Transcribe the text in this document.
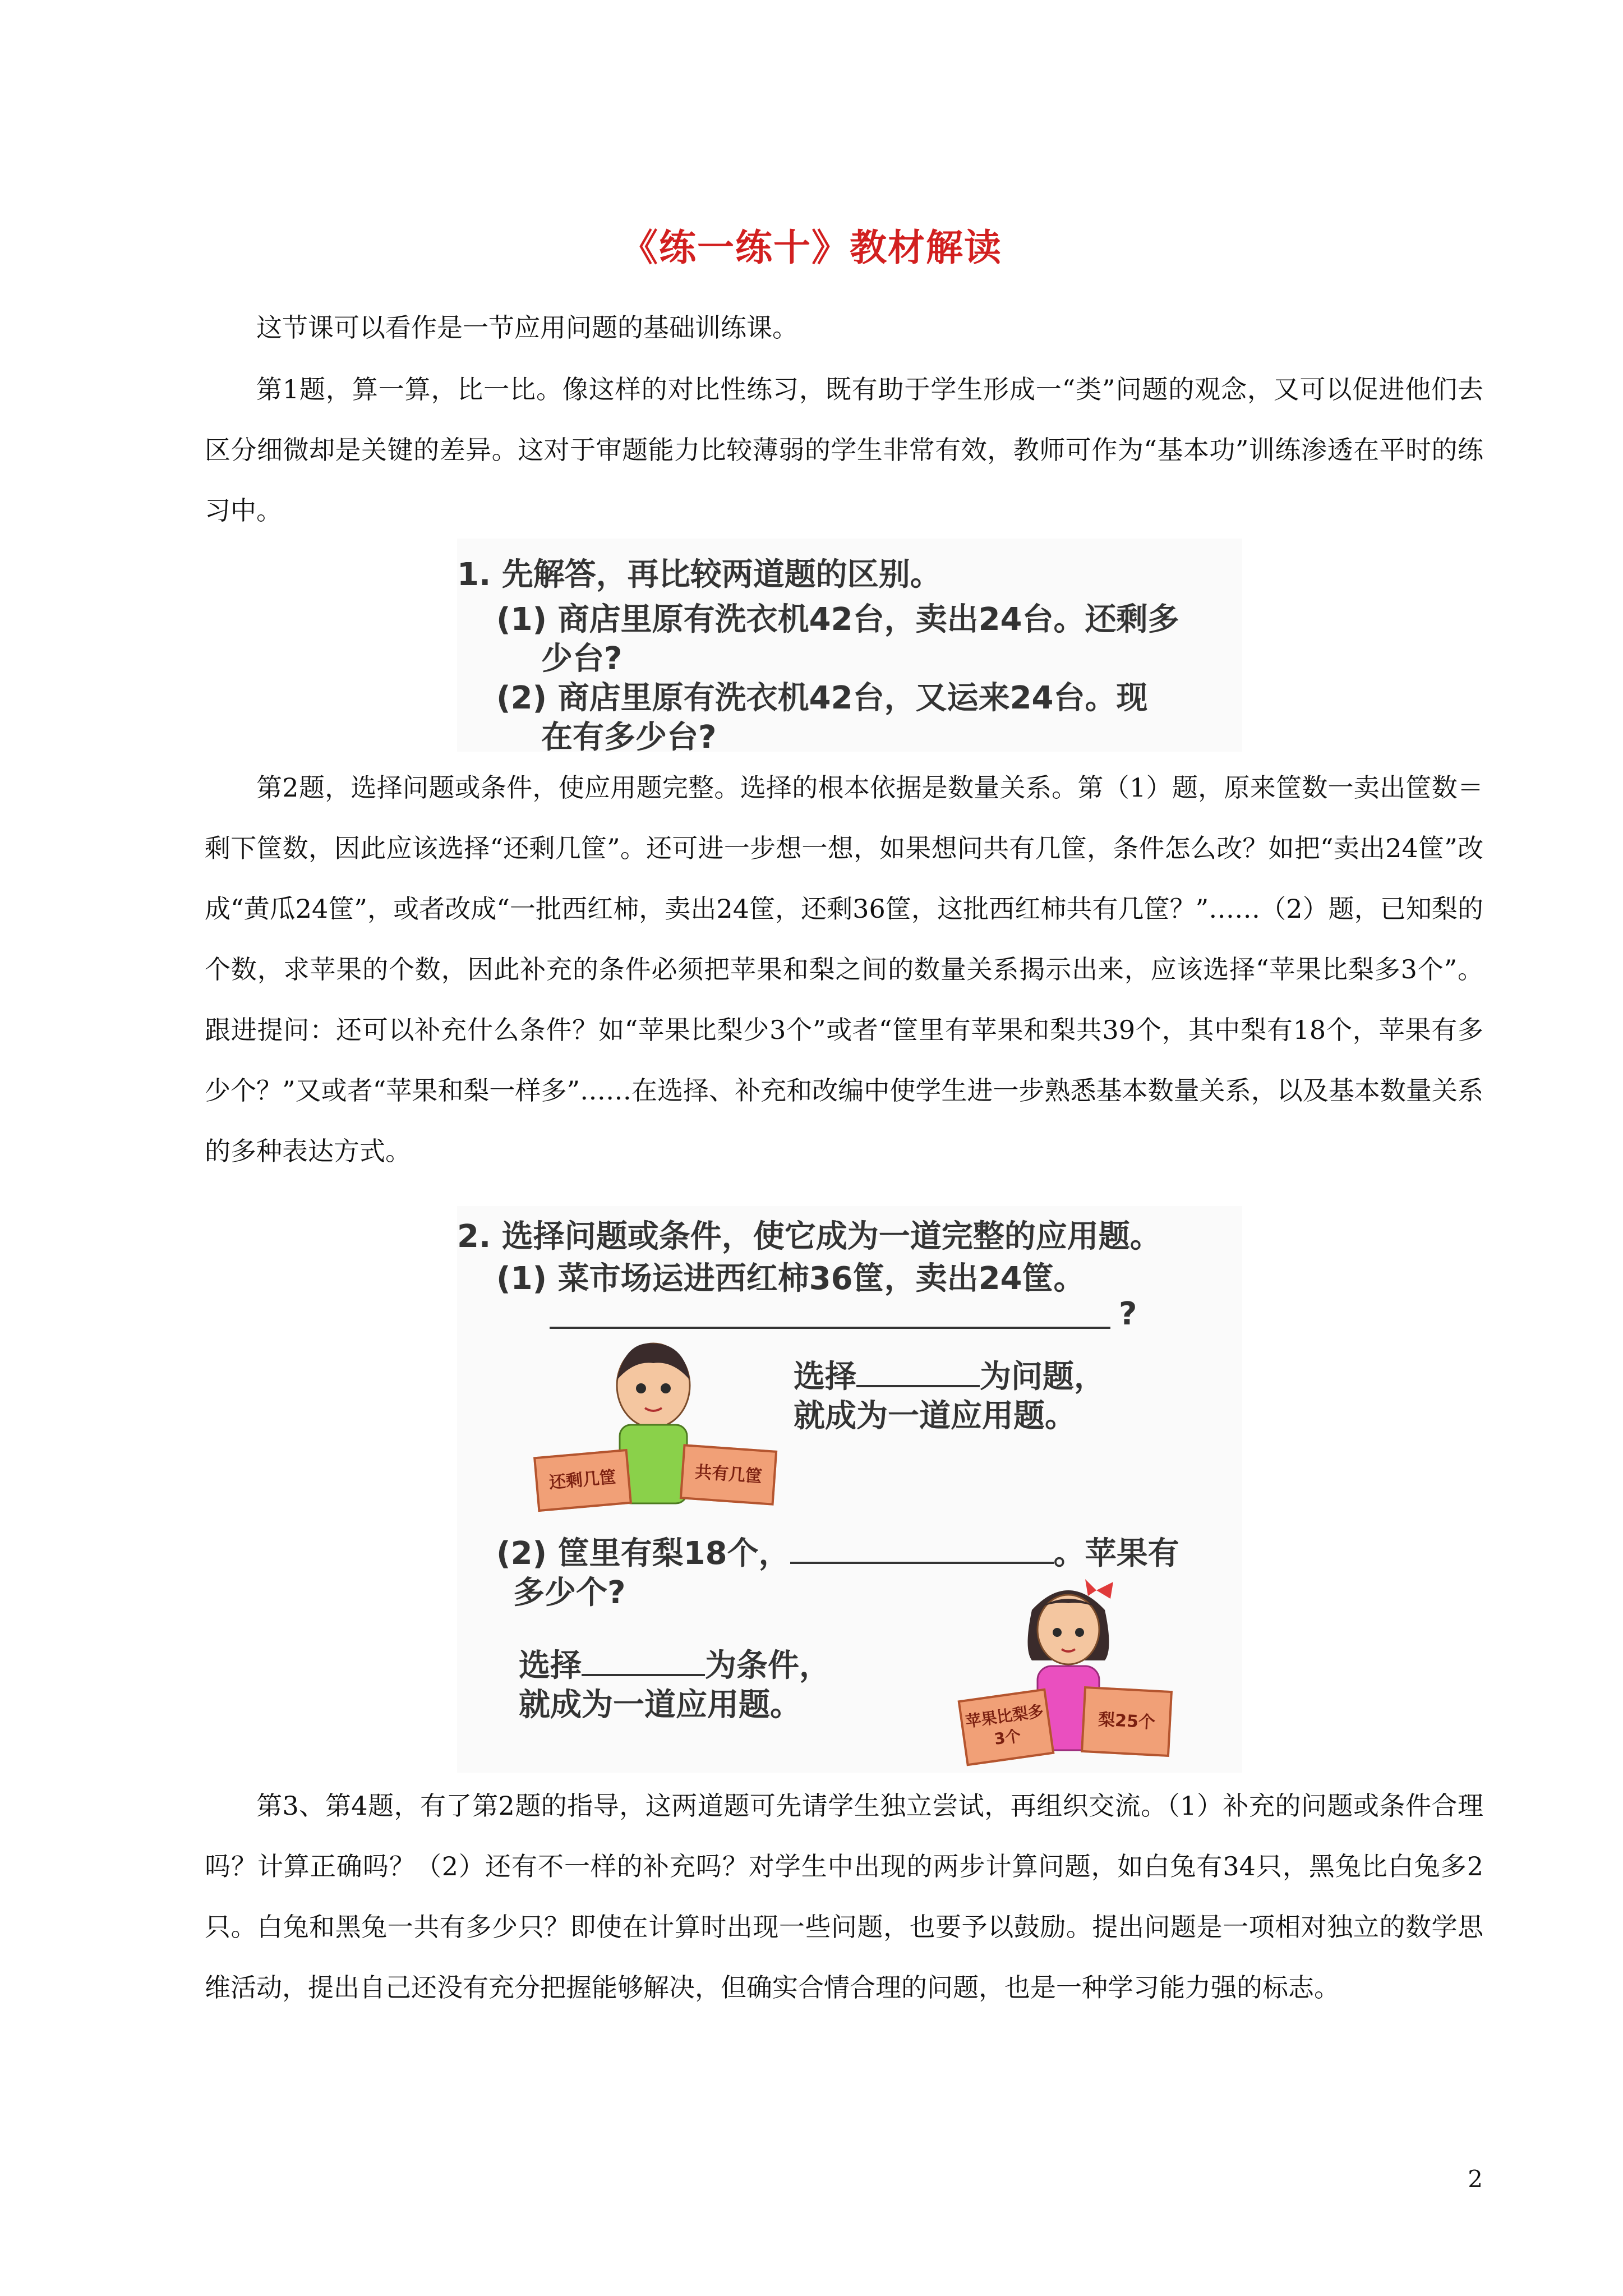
《练一练十》教材解读

这节课可以看作是一节应用问题的基础训练课。

第1题，算一算，比一比。像这样的对比性练习，既有助于学生形成一“类”问题的观念，又可以促进他们去区分细微却是关键的差异。这对于审题能力比较薄弱的学生非常有效，教师可作为“基本功”训练渗透在平时的练习中。

1. 先解答，再比较两道题的区别。
(1) 商店里原有洗衣机42台，卖出24台。还剩多
少台?
(2) 商店里原有洗衣机42台，又运来24台。现
在有多少台?

第2题，选择问题或条件，使应用题完整。选择的根本依据是数量关系。第（1）题，原来筐数一卖出筐数＝剩下筐数，因此应该选择“还剩几筐”。还可进一步想一想，如果想问共有几筐，条件怎么改？如把“卖出24筐”改成“黄瓜24筐”，或者改成“一批西红柿，卖出24筐，还剩36筐，这批西红柿共有几筐？”……（2）题，已知梨的个数，求苹果的个数，因此补充的条件必须把苹果和梨之间的数量关系揭示出来，应该选择“苹果比梨多3个”。跟进提问：还可以补充什么条件？如“苹果比梨少3个”或者“筐里有苹果和梨共39个，其中梨有18个，苹果有多少个？”又或者“苹果和梨一样多”……在选择、补充和改编中使学生进一步熟悉基本数量关系，以及基本数量关系的多种表达方式。

2. 选择问题或条件，使它成为一道完整的应用题。
(1) 菜市场运进西红柿36筐，卖出24筐。
?
还剩几筐	共有几筐
选择	为问题，
就成为一道应用题。
(2) 筐里有梨18个，	。苹果有
多少个?
选择	为条件，
就成为一道应用题。	苹果比梨多3个
梨25个

第3、第4题，有了第2题的指导，这两道题可先请学生独立尝试，再组织交流。（1）补充的问题或条件合理吗？计算正确吗？（2）还有不一样的补充吗？对学生中出现的两步计算问题，如白兔有34只，黑兔比白兔多2只。白兔和黑兔一共有多少只？即使在计算时出现一些问题，也要予以鼓励。提出问题是一项相对独立的数学思维活动，提出自己还没有充分把握能够解决，但确实合情合理的问题，也是一种学习能力强的标志。

2
